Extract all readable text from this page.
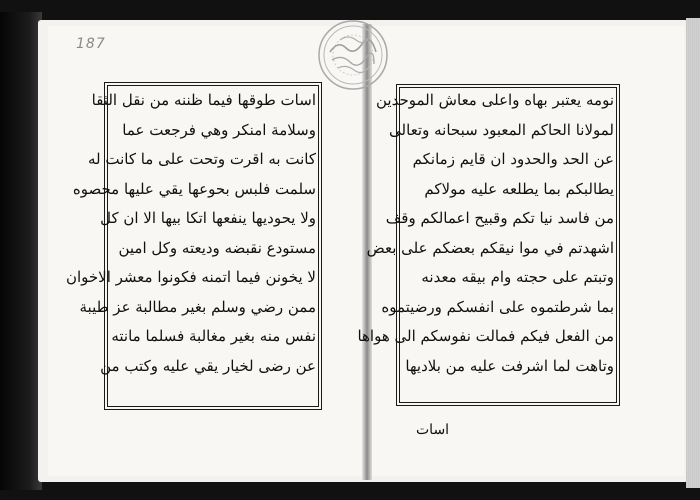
187
اسات طوقها فيما ظننه من نقل الثقا
وسلامة امنكر وهي فرجعت عما
كانت به اقرت وتحت على ما كانت له
سلمت فلبس بحوعها يقي عليها محصوه
ولا يحوديها ينفعها اتكا بيها الا ان كل
مستودع نقبضه وديعته وكل امين
لا يخونن فيما اتمنه فكونوا معشر الاخوان
ممن رضي وسلم بغير مطالبة عز طيبة
نفس منه بغير مغالبة فسلما مانته
عن رضى لخيار يقي عليه وكتب من
نومه يعتبر بهاه واعلى معاش الموحدين
لمولانا الحاكم المعبود سبحانه وتعالى
عن الحد والحدود ان قايم زمانكم
يطالبكم بما يطلعه عليه مولاكم
من فاسد نيا تكم وقبيح اعمالكم وقف
اشهدتم في موا نيقكم بعضكم على بعض
وتبتم على حجته وام بيقه معدنه
بما شرطتموه على انفسكم ورضيتموه
من الفعل فيكم فمالت نفوسكم الى هواها
وتاهت لما اشرفت عليه من بلاديها
اسات
